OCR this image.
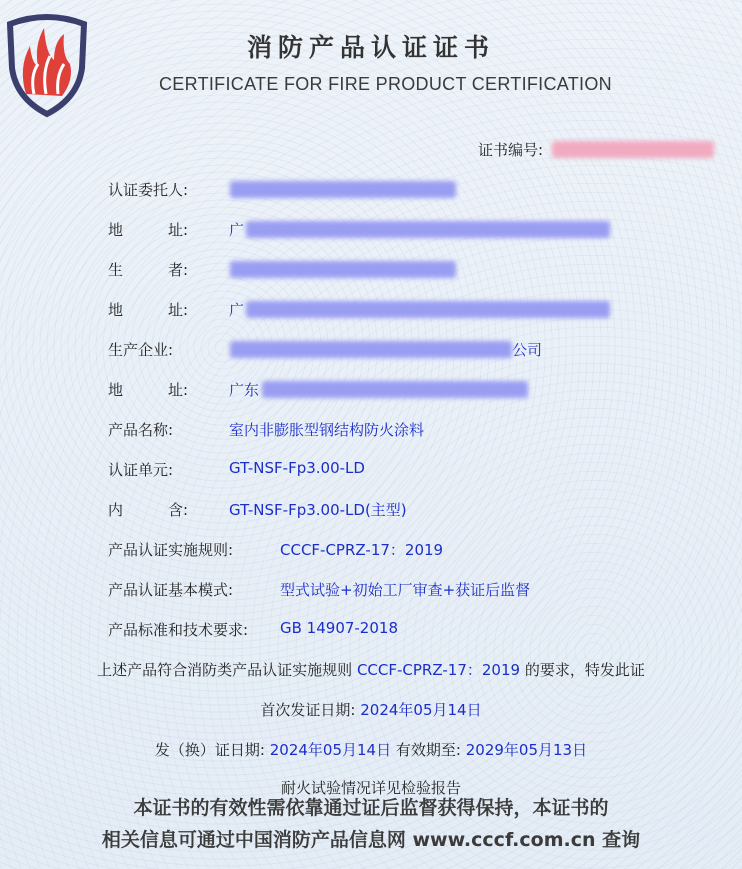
消防产品认证证书
CERTIFICATE FOR FIRE PRODUCT CERTIFICATION
证书编号:
认证委托人:
地　　　址:	广
生　　　者:
地　　　址:	广
生产企业:	公司
地　　　址:	广东
产品名称:	室内非膨胀型钢结构防火涂料
认证单元:	GT-NSF-Fp3.00-LD
内　　　含:	GT-NSF-Fp3.00-LD(主型)
产品认证实施规则:	CCCF-CPRZ-17：2019
产品认证基本模式:	型式试验+初始工厂审查+获证后监督
产品标准和技术要求: GB 14907-2018
上述产品符合消防类产品认证实施规则 CCCF-CPRZ-17：2019 的要求，特发此证
首次发证日期: 2024年05月14日
发（换）证日期: 2024年05月14日 有效期至: 2029年05月13日
耐火试验情况详见检验报告
本证书的有效性需依靠通过证后监督获得保持，本证书的
相关信息可通过中国消防产品信息网 www.cccf.com.cn 查询
